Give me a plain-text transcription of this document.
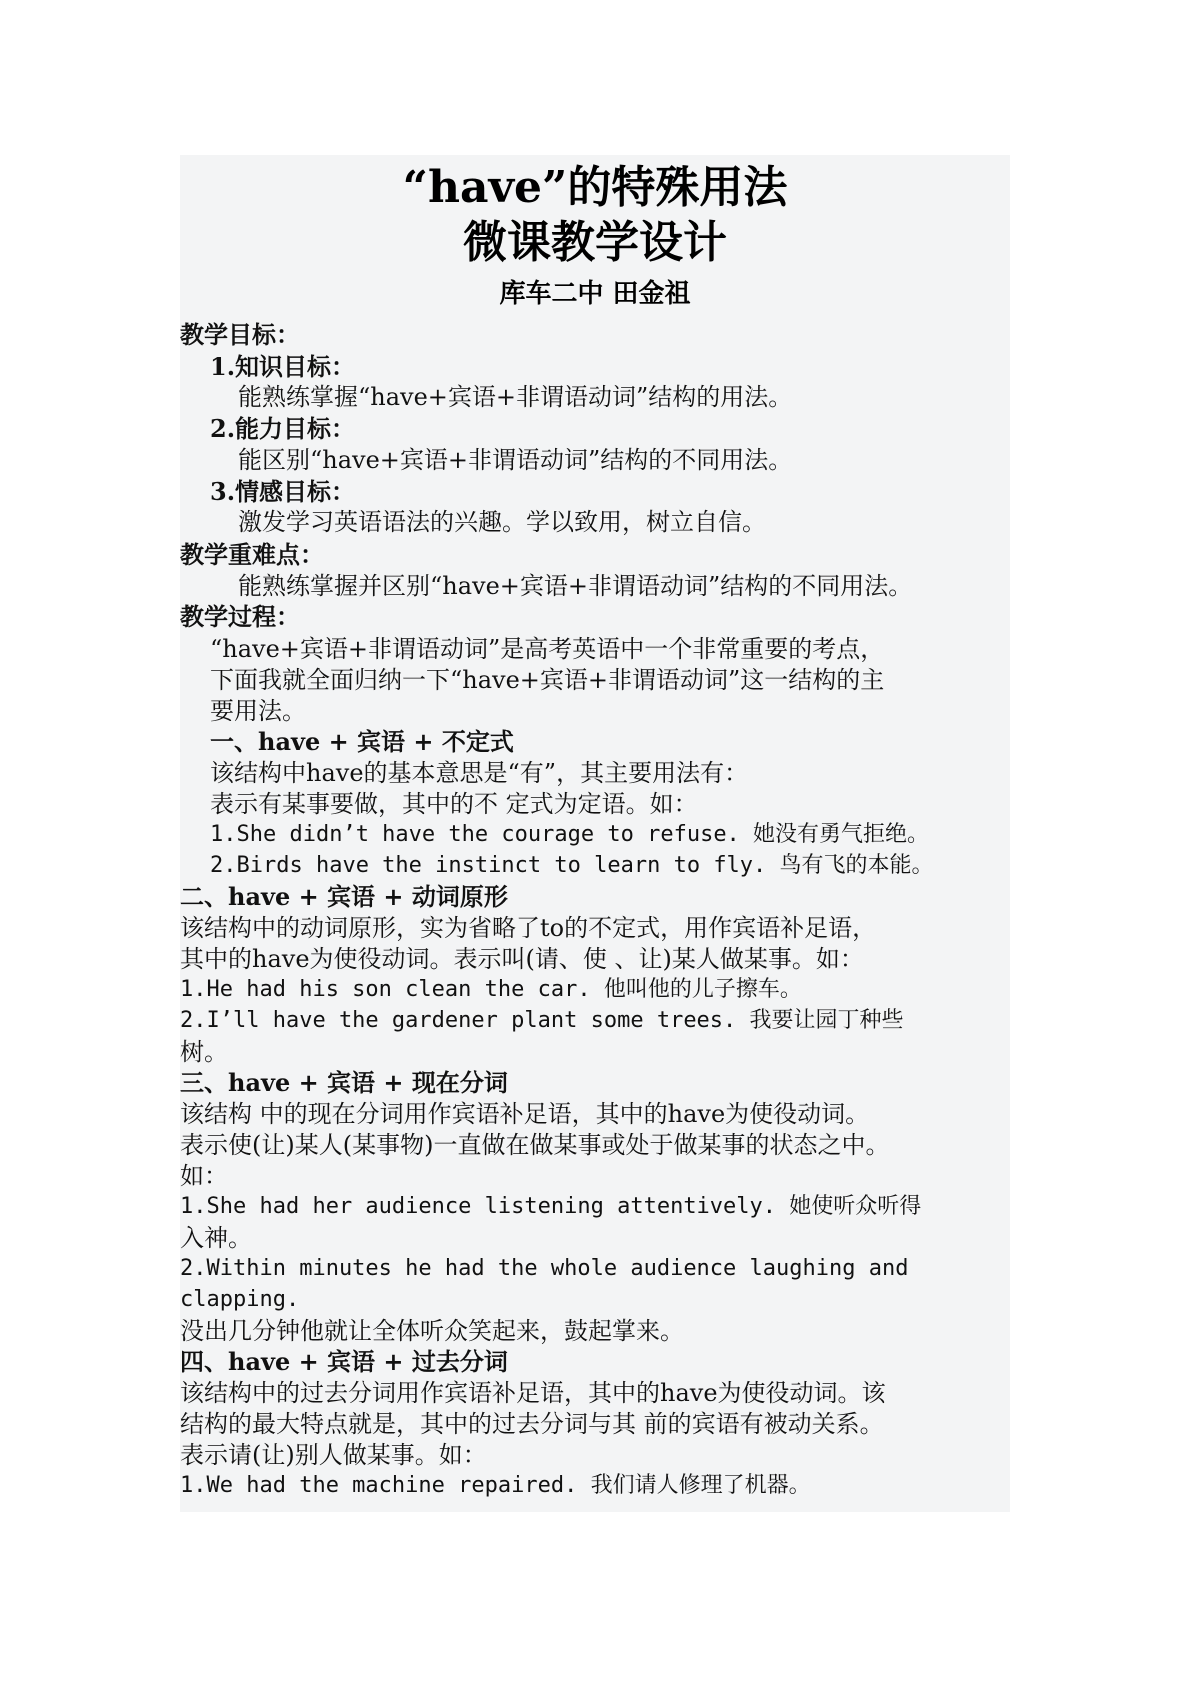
“have”的特殊用法
微课教学设计
库车二中 田金祖
教学目标：
1.知识目标：
能熟练掌握“have+宾语+非谓语动词”结构的用法。
2.能力目标：
能区别“have+宾语+非谓语动词”结构的不同用法。
3.情感目标：
激发学习英语语法的兴趣。学以致用，树立自信。
教学重难点：
能熟练掌握并区别“have+宾语+非谓语动词”结构的不同用法。
教学过程：
“have+宾语+非谓语动词”是高考英语中一个非常重要的考点，
下面我就全面归纳一下“have+宾语+非谓语动词”这一结构的主
要用法。
一、have + 宾语 + 不定式
该结构中have的基本意思是“有”，其主要用法有：
表示有某事要做，其中的不 定式为定语。如：
1.She didn’t have the courage to refuse. 她没有勇气拒绝。
2.Birds have the instinct to learn to fly. 鸟有飞的本能。
二、have + 宾语 + 动词原形
该结构中的动词原形，实为省略了to的不定式，用作宾语补足语，
其中的have为使役动词。表示叫(请、使 、让)某人做某事。如：
1.He had his son clean the car. 他叫他的儿子擦车。
2.I’ll have the gardener plant some trees. 我要让园丁种些
树。
三、have + 宾语 + 现在分词
该结构 中的现在分词用作宾语补足语，其中的have为使役动词。
表示使(让)某人(某事物)一直做在做某事或处于做某事的状态之中。
如：
1.She had her audience listening attentively. 她使听众听得
入神。
2.Within minutes he had the whole audience laughing and
clapping.
没出几分钟他就让全体听众笑起来，鼓起掌来。
四、have + 宾语 + 过去分词
该结构中的过去分词用作宾语补足语，其中的have为使役动词。该
结构的最大特点就是，其中的过去分词与其 前的宾语有被动关系。
表示请(让)别人做某事。如：
1.We had the machine repaired. 我们请人修理了机器。
